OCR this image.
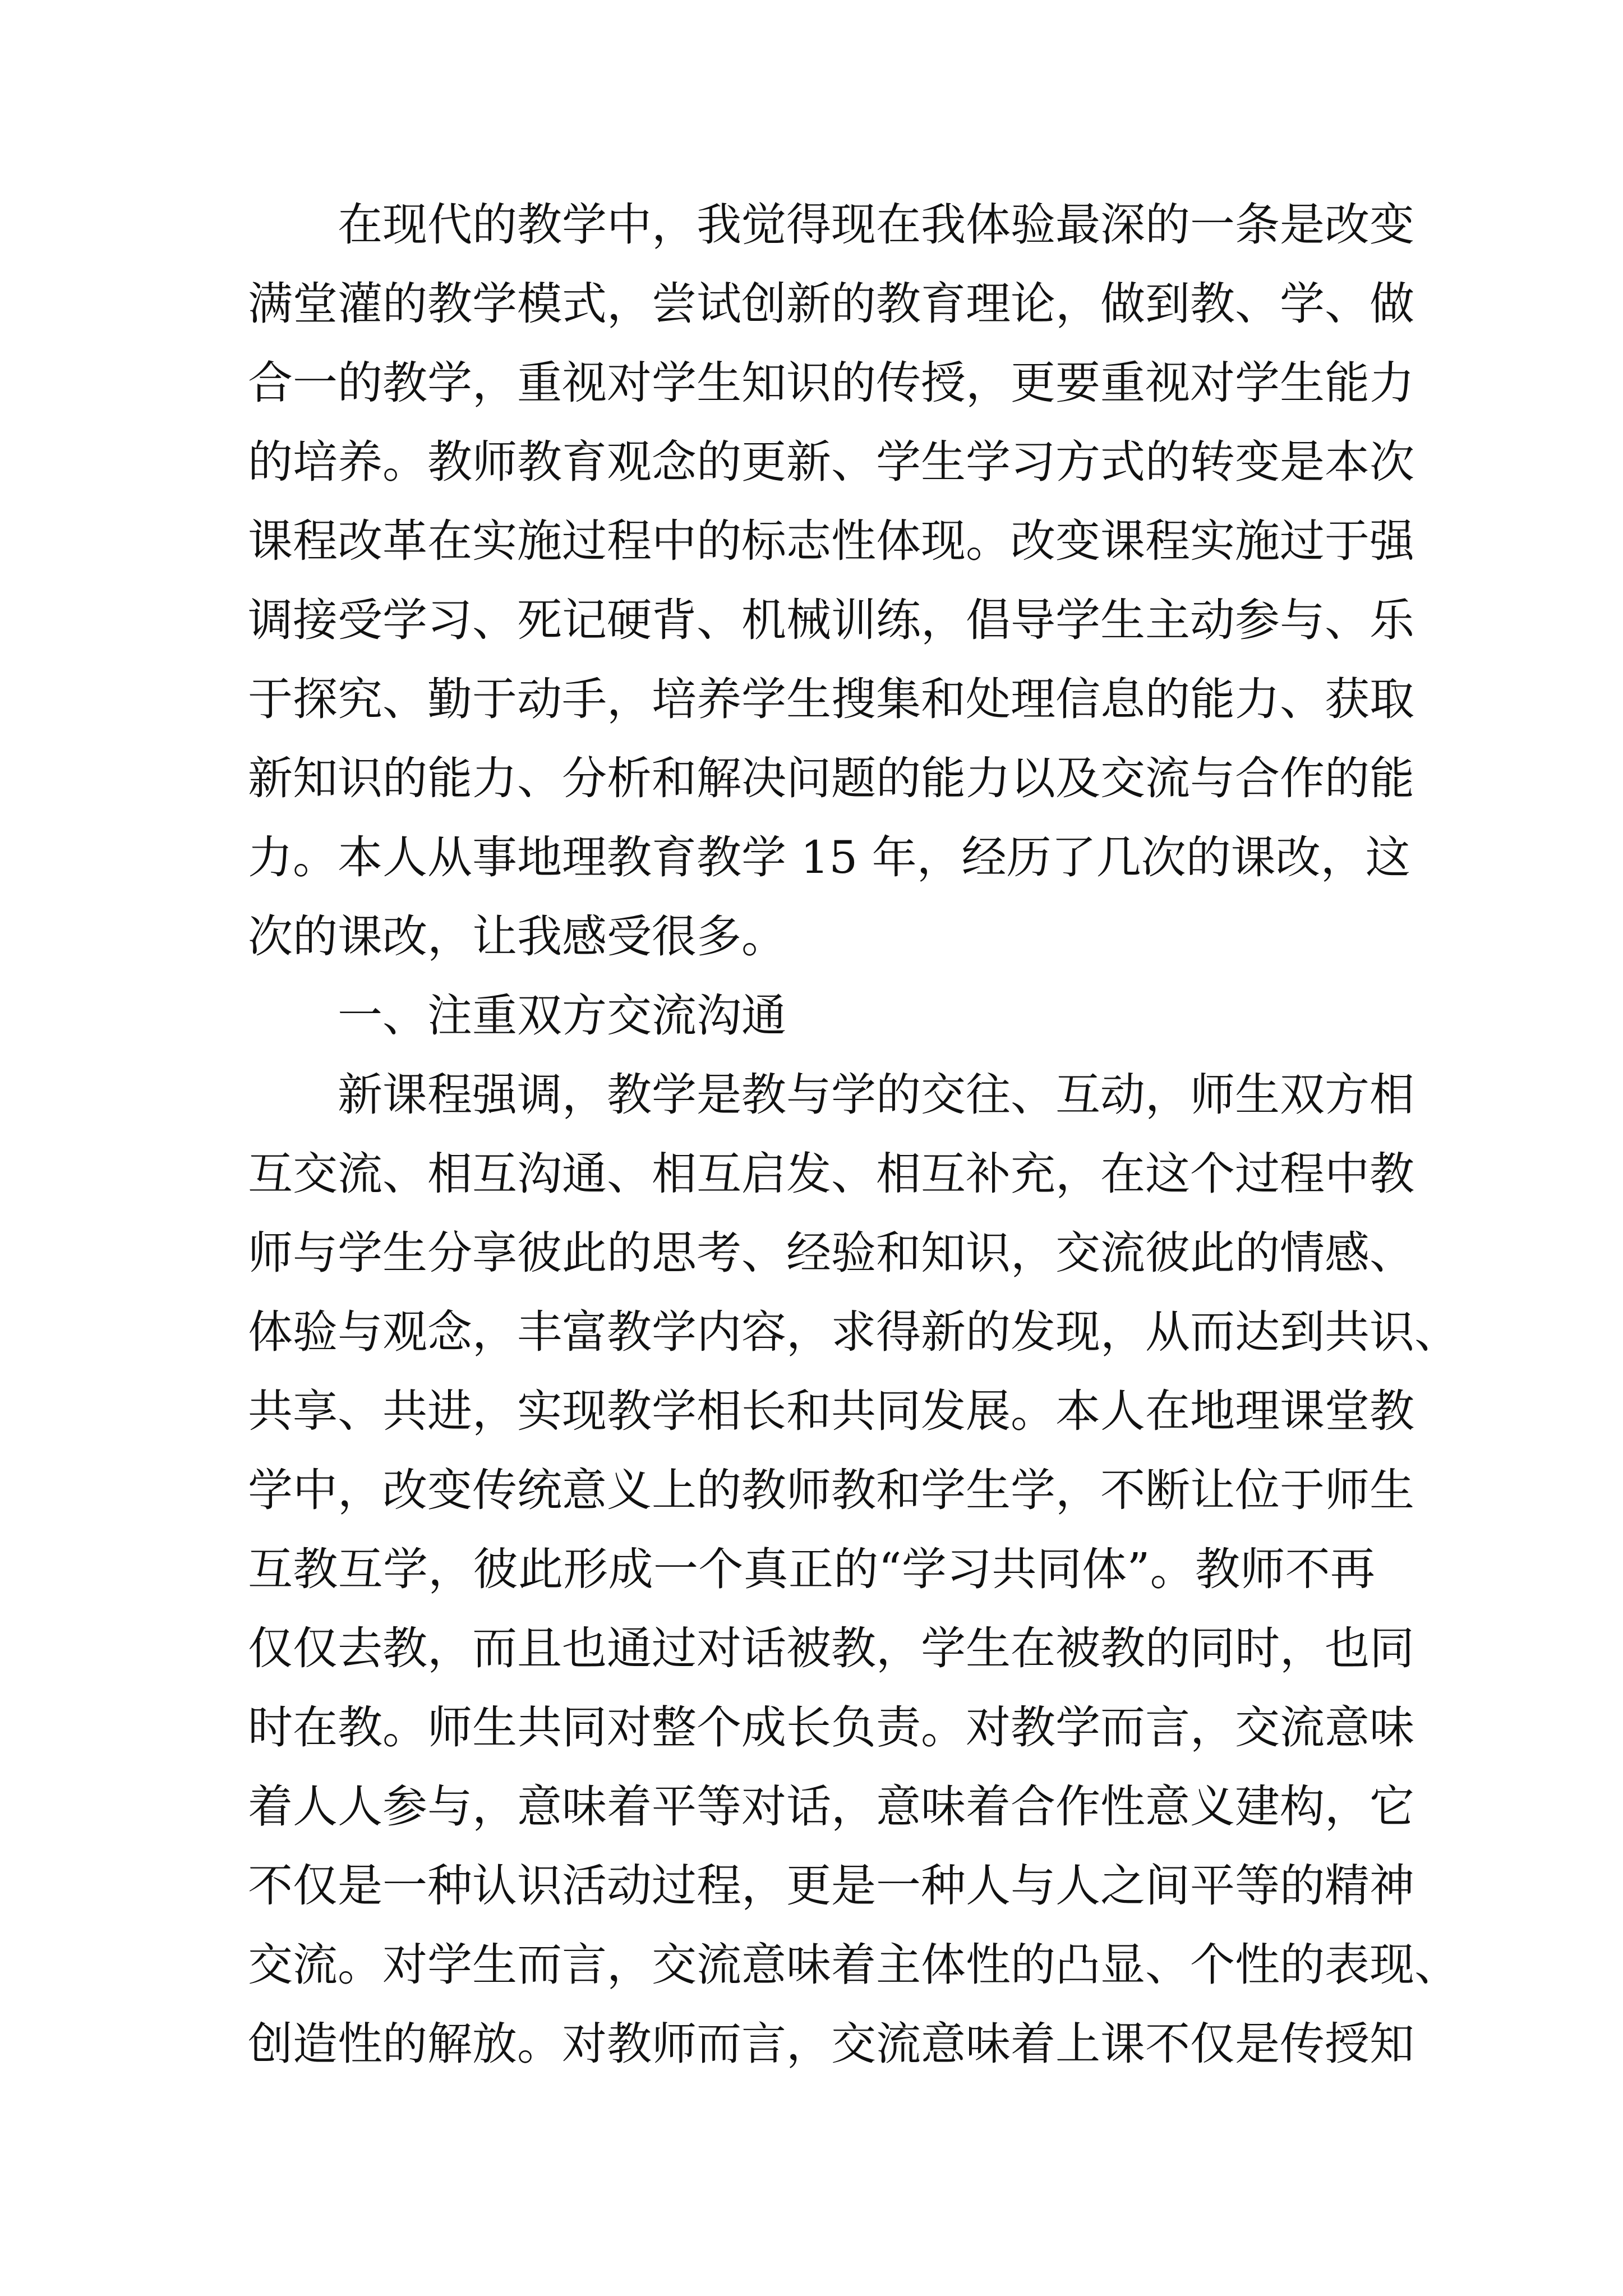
在现代的教学中，我觉得现在我体验最深的一条是改变
满堂灌的教学模式，尝试创新的教育理论，做到教、学、做
合一的教学，重视对学生知识的传授，更要重视对学生能力
的培养。教师教育观念的更新、学生学习方式的转变是本次
课程改革在实施过程中的标志性体现。改变课程实施过于强
调接受学习、死记硬背、机械训练，倡导学生主动参与、乐
于探究、勤于动手，培养学生搜集和处理信息的能力、获取
新知识的能力、分析和解决问题的能力以及交流与合作的能
力。本人从事地理教育教学 15 年，经历了几次的课改，这
次的课改，让我感受很多。
一、注重双方交流沟通
新课程强调，教学是教与学的交往、互动，师生双方相
互交流、相互沟通、相互启发、相互补充，在这个过程中教
师与学生分享彼此的思考、经验和知识，交流彼此的情感、
体验与观念，丰富教学内容，求得新的发现，从而达到共识、
共享、共进，实现教学相长和共同发展。本人在地理课堂教
学中，改变传统意义上的教师教和学生学，不断让位于师生
互教互学，彼此形成一个真正的“学习共同体”。教师不再
仅仅去教，而且也通过对话被教，学生在被教的同时，也同
时在教。师生共同对整个成长负责。对教学而言，交流意味
着人人参与，意味着平等对话，意味着合作性意义建构，它
不仅是一种认识活动过程，更是一种人与人之间平等的精神
交流。对学生而言，交流意味着主体性的凸显、个性的表现、
创造性的解放。对教师而言，交流意味着上课不仅是传授知
